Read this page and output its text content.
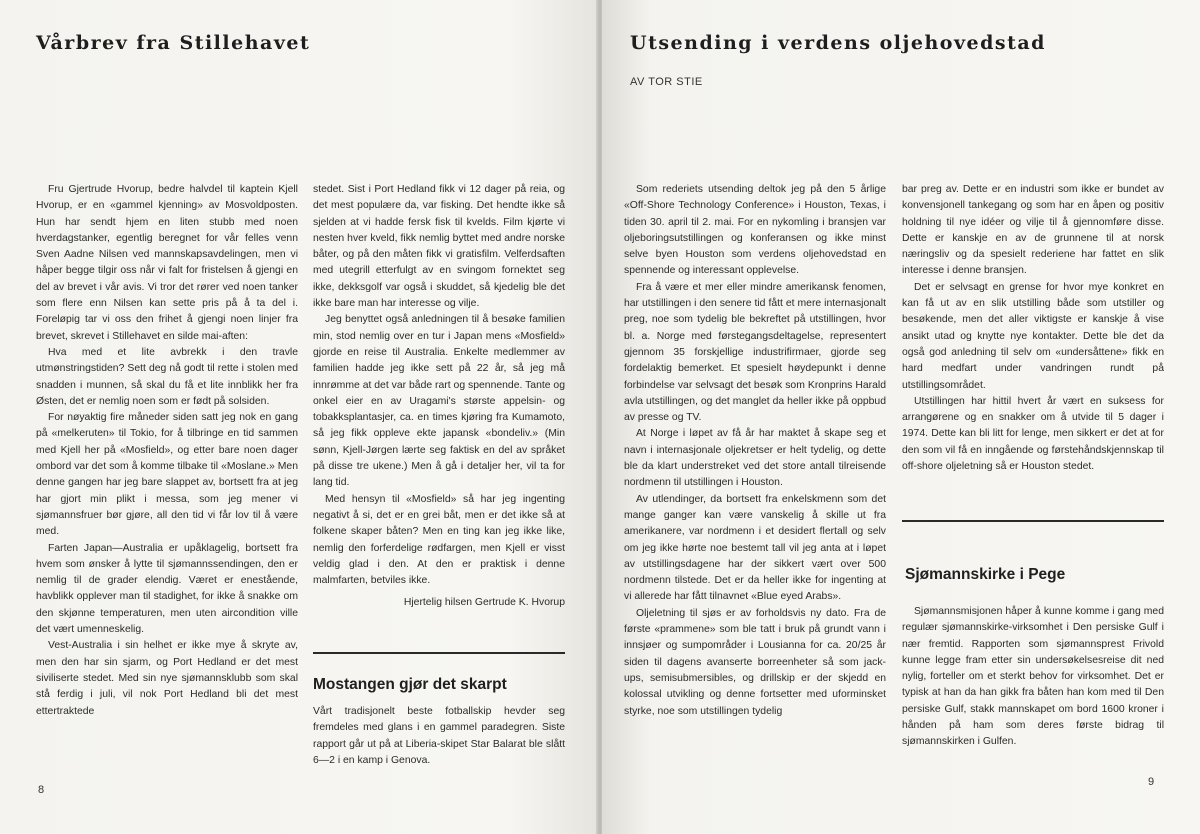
Vårbrev fra Stillehavet

Fru Gjertrude Hvorup, bedre halvdel til kaptein Kjell Hvorup, er en «gammel kjenning» av Mosvoldposten. Hun har sendt hjem en liten stubb med noen hverdagstanker, egentlig beregnet for vår felles venn Sven Aadne Nilsen ved mannskapsavdelingen, men vi håper begge tilgir oss når vi falt for fristelsen å gjengi en del av brevet i vår avis. Vi tror det rører ved noen tanker som flere enn Nilsen kan sette pris på å ta del i. Foreløpig tar vi oss den frihet å gjengi noen linjer fra brevet, skrevet i Stillehavet en silde mai-aften:

Hva med et lite avbrekk i den travle utmønstringstiden? Sett deg nå godt til rette i stolen med snadden i munnen, så skal du få et lite innblikk her fra Østen, det er nemlig noen som er født på solsiden.

For nøyaktig fire måneder siden satt jeg nok en gang på «melkeruten» til Tokio, for å tilbringe en tid sammen med Kjell her på «Mosfield», og etter bare noen dager ombord var det som å komme tilbake til «Moslane.» Men denne gangen har jeg bare slappet av, bortsett fra at jeg har gjort min plikt i messa, som jeg mener vi sjømannsfruer bør gjøre, all den tid vi får lov til å være med.

Farten Japan—Australia er upåklagelig, bortsett fra hvem som ønsker å lytte til sjømannssendingen, den er nemlig til de grader elendig. Været er enestående, havblikk opplever man til stadighet, for ikke å snakke om den skjønne temperaturen, men uten aircondition ville det vært umenneskelig.

Vest-Australia i sin helhet er ikke mye å skryte av, men den har sin sjarm, og Port Hedland er det mest siviliserte stedet. Med sin nye sjømannsklubb som skal stå ferdig i juli, vil nok Port Hedland bli det mest ettertraktede

stedet. Sist i Port Hedland fikk vi 12 dager på reia, og det mest populære da, var fisking. Det hendte ikke så sjelden at vi hadde fersk fisk til kvelds. Film kjørte vi nesten hver kveld, fikk nemlig byttet med andre norske båter, og på den måten fikk vi gratisfilm. Velferdsaften med utegrill etterfulgt av en svingom fornektet seg ikke, dekksgolf var også i skuddet, så kjedelig ble det ikke bare man har interesse og vilje.

Jeg benyttet også anledningen til å besøke familien min, stod nemlig over en tur i Japan mens «Mosfield» gjorde en reise til Australia. Enkelte medlemmer av familien hadde jeg ikke sett på 22 år, så jeg må innrømme at det var både rart og spennende. Tante og onkel eier en av Uragami's største appelsin- og tobakksplantasjer, ca. en times kjøring fra Kumamoto, så jeg fikk oppleve ekte japansk «bondeliv.» (Min sønn, Kjell-Jørgen lærte seg faktisk en del av språket på disse tre ukene.) Men å gå i detaljer her, vil ta for lang tid.

Med hensyn til «Mosfield» så har jeg ingenting negativt å si, det er en grei båt, men er det ikke så at folkene skaper båten? Men en ting kan jeg ikke like, nemlig den forferdelige rødfargen, men Kjell er visst veldig glad i den. At den er praktisk i denne malmfarten, betviles ikke.

Hjertelig hilsen Gertrude K. Hvorup

Mostangen gjør det skarpt

Vårt tradisjonelt beste fotballskip hevder seg fremdeles med glans i en gammel paradegren. Siste rapport går ut på at Liberia-skipet Star Balarat ble slått 6—2 i en kamp i Genova.

8
Utsending i verdens oljehovedstad
AV TOR STIE

Som rederiets utsending deltok jeg på den 5 årlige «Off-Shore Technology Conference» i Houston, Texas, i tiden 30. april til 2. mai. For en nykomling i bransjen var oljeboringsutstillingen og konferansen og ikke minst selve byen Houston som verdens oljehovedstad en spennende og interessant opplevelse.

Fra å være et mer eller mindre amerikansk fenomen, har utstillingen i den senere tid fått et mere internasjonalt preg, noe som tydelig ble bekreftet på utstillingen, hvor bl. a. Norge med førstegangsdeltagelse, representert gjennom 35 forskjellige industrifirmaer, gjorde seg fordelaktig bemerket. Et spesielt høydepunkt i denne forbindelse var selvsagt det besøk som Kronprins Harald avla utstillingen, og det manglet da heller ikke på oppbud av presse og TV.

At Norge i løpet av få år har maktet å skape seg et navn i internasjonale oljekretser er helt tydelig, og dette ble da klart understreket ved det store antall tilreisende nordmenn til utstillingen i Houston.

Av utlendinger, da bortsett fra enkelskmenn som det mange ganger kan være vanskelig å skille ut fra amerikanere, var nordmenn i et desidert flertall og selv om jeg ikke hørte noe bestemt tall vil jeg anta at i løpet av utstillingsdagene har der sikkert vært over 500 nordmenn tilstede. Det er da heller ikke for ingenting at vi allerede har fått tilnavnet «Blue eyed Arabs».

Oljeletning til sjøs er av forholdsvis ny dato. Fra de første «prammene» som ble tatt i bruk på grundt vann i innsjøer og sumpområder i Lousianna for ca. 20/25 år siden til dagens avanserte borreenheter så som jack-ups, semisubmersibles, og drillskip er der skjedd en kolossal utvikling og denne fortsetter med uforminsket styrke, noe som utstillingen tydelig

bar preg av. Dette er en industri som ikke er bundet av konvensjonell tankegang og som har en åpen og positiv holdning til nye idéer og vilje til å gjennomføre disse. Dette er kanskje en av de grunnene til at norsk næringsliv og da spesielt rederiene har fattet en slik interesse i denne bransjen.

Det er selvsagt en grense for hvor mye konkret en kan få ut av en slik utstilling både som utstiller og besøkende, men det aller viktigste er kanskje å vise ansikt utad og knytte nye kontakter. Dette ble det da også god anledning til selv om «undersåttene» fikk en hard medfart under vandringen rundt på utstillingsområdet.

Utstillingen har hittil hvert år vært en suksess for arrangørene og en snakker om å utvide til 5 dager i 1974. Dette kan bli litt for lenge, men sikkert er det at for den som vil få en inngående og førstehåndskjennskap til off-shore oljeletning så er Houston stedet.

Sjømannskirke i Pege

Sjømannsmisjonen håper å kunne komme i gang med regulær sjømannskirke-virksomhet i Den persiske Gulf i nær fremtid. Rapporten som sjømannsprest Frivold kunne legge fram etter sin undersøkelsesreise dit ned nylig, forteller om et sterkt behov for virksomhet. Det er typisk at han da han gikk fra båten han kom med til Den persiske Gulf, stakk mannskapet om bord 1600 kroner i hånden på ham som deres første bidrag til sjømannskirken i Gulfen.

9
